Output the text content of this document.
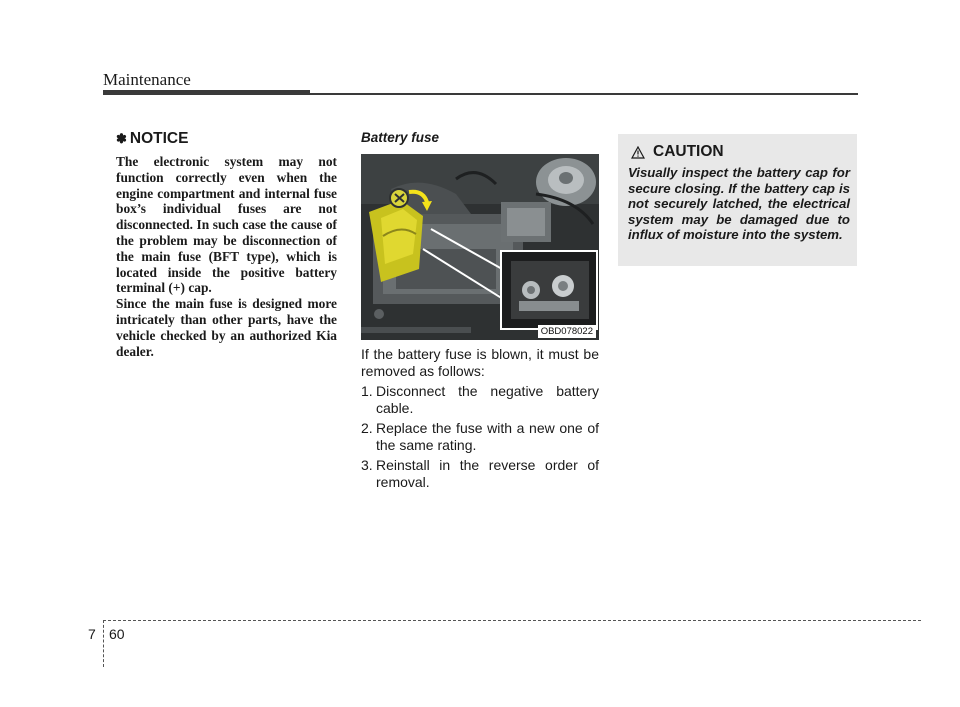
Maintenance
✽ NOTICE

The electronic system may not function correctly even when the engine compartment and internal fuse box’s individual fuses are not disconnected. In such case the cause of the problem may be disconnection of the main fuse (BFT type), which is located inside the positive battery terminal (+) cap.

Since the main fuse is designed more intricately than other parts, have the vehicle checked by an authorized Kia dealer.

Battery fuse
OBD078022
If the battery fuse is blown, it must be removed as follows:
1. Disconnect the negative battery cable.
2. Replace the fuse with a new one of the same rating.
3. Reinstall in the reverse order of removal.
CAUTION
Visually inspect the battery cap for secure closing. If the battery cap is not securely latched, the electrical system may be damaged due to influx of moisture into the system.
7 60
